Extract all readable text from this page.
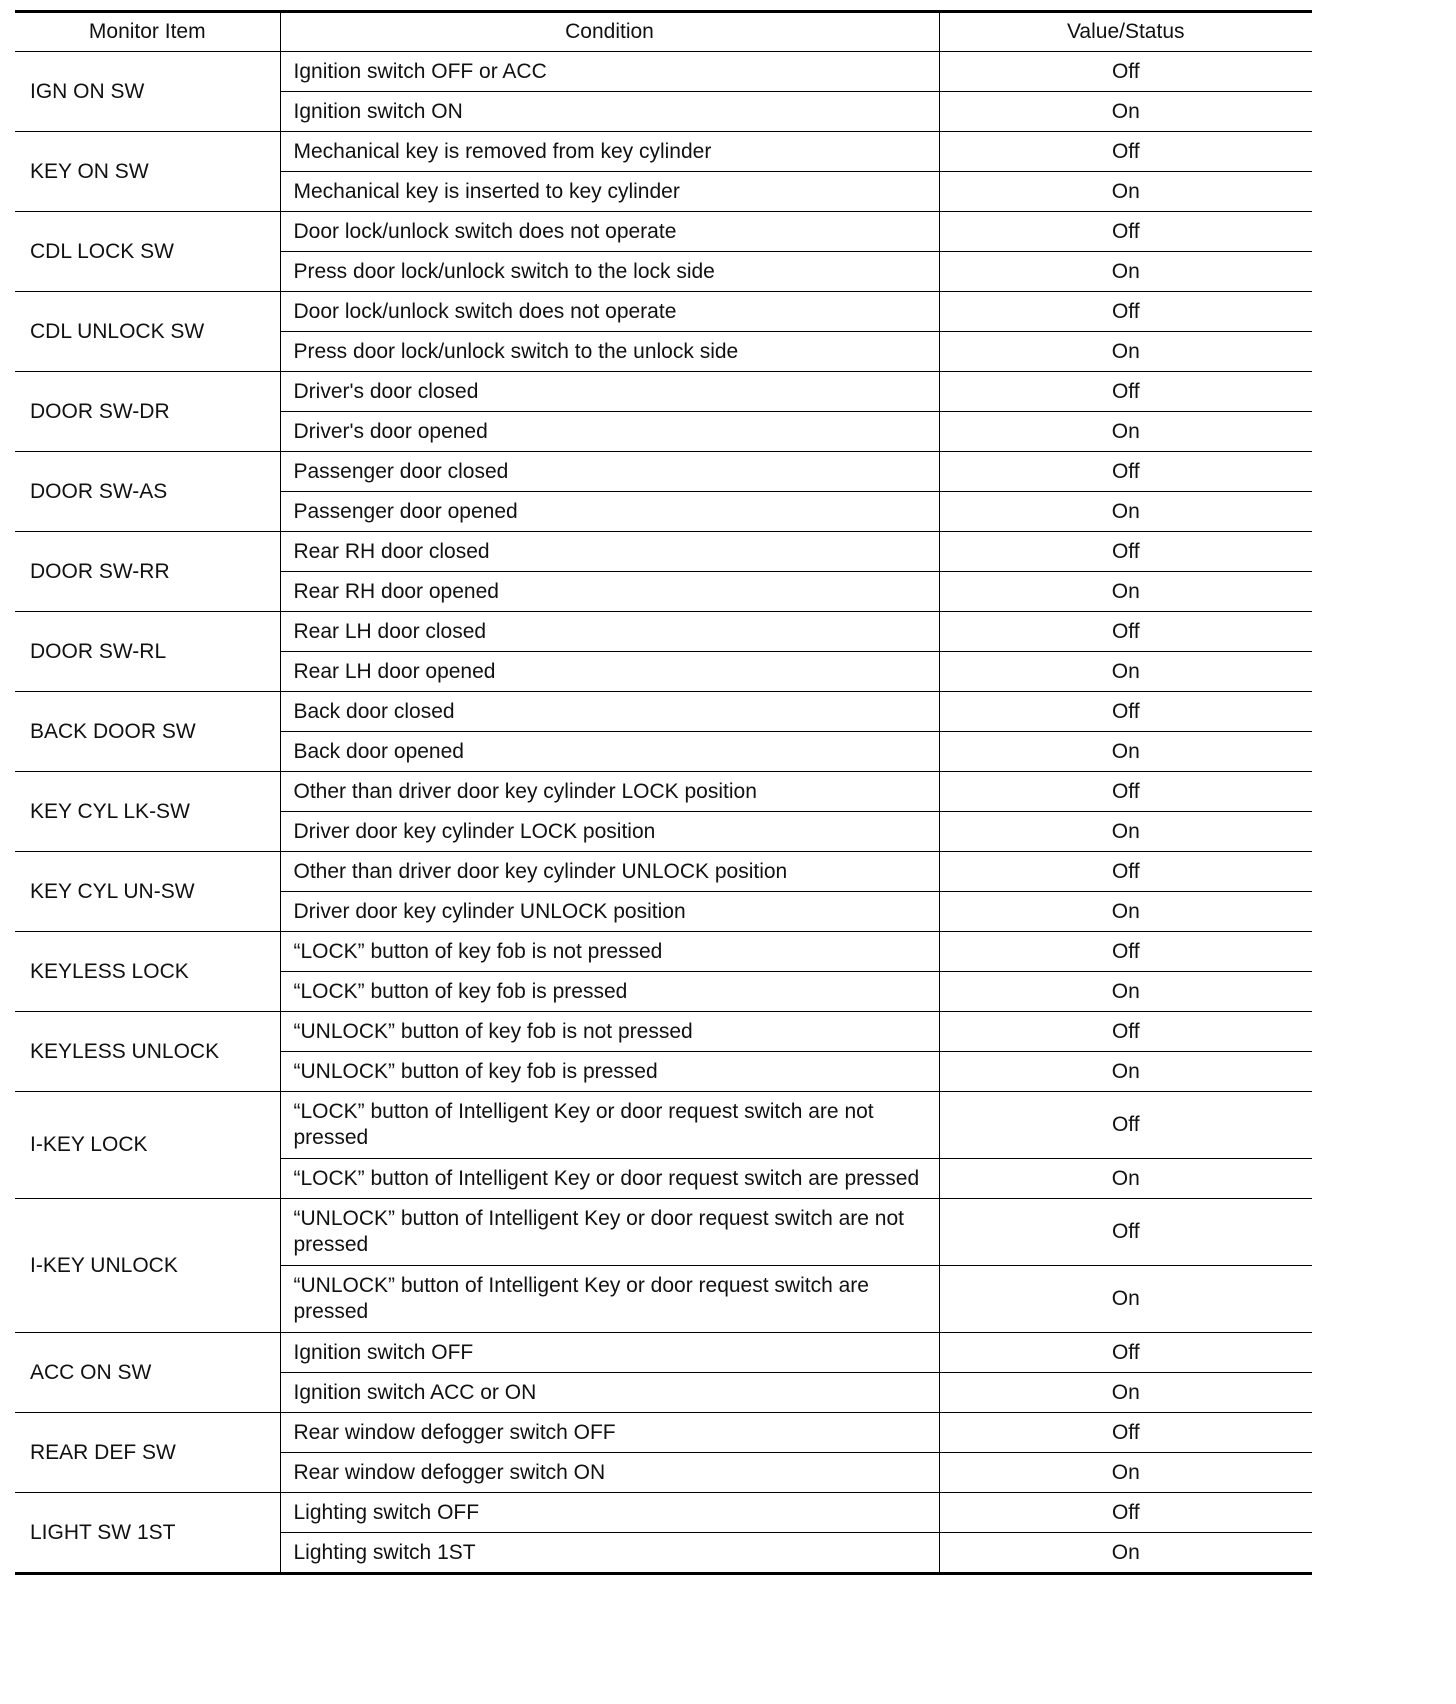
Monitor Item	Condition	Value/Status
IGN ON SW	Ignition switch OFF or ACC	Off
	Ignition switch ON	On
KEY ON SW	Mechanical key is removed from key cylinder	Off
	Mechanical key is inserted to key cylinder	On
CDL LOCK SW	Door lock/unlock switch does not operate	Off
	Press door lock/unlock switch to the lock side	On
CDL UNLOCK SW	Door lock/unlock switch does not operate	Off
	Press door lock/unlock switch to the unlock side	On
DOOR SW-DR	Driver's door closed	Off
	Driver's door opened	On
DOOR SW-AS	Passenger door closed	Off
	Passenger door opened	On
DOOR SW-RR	Rear RH door closed	Off
	Rear RH door opened	On
DOOR SW-RL	Rear LH door closed	Off
	Rear LH door opened	On
BACK DOOR SW	Back door closed	Off
	Back door opened	On
KEY CYL LK-SW	Other than driver door key cylinder LOCK position	Off
	Driver door key cylinder LOCK position	On
KEY CYL UN-SW	Other than driver door key cylinder UNLOCK position	Off
	Driver door key cylinder UNLOCK position	On
KEYLESS LOCK	“LOCK” button of key fob is not pressed	Off
	“LOCK” button of key fob is pressed	On
KEYLESS UNLOCK	“UNLOCK” button of key fob is not pressed	Off
	“UNLOCK” button of key fob is pressed	On
I-KEY LOCK	“LOCK” button of Intelligent Key or door request switch are not pressed	Off
	“LOCK” button of Intelligent Key or door request switch are pressed	On
I-KEY UNLOCK	“UNLOCK” button of Intelligent Key or door request switch are not pressed	Off
	“UNLOCK” button of Intelligent Key or door request switch are pressed	On
ACC ON SW	Ignition switch OFF	Off
	Ignition switch ACC or ON	On
REAR DEF SW	Rear window defogger switch OFF	Off
	Rear window defogger switch ON	On
LIGHT SW 1ST	Lighting switch OFF	Off
	Lighting switch 1ST	On
